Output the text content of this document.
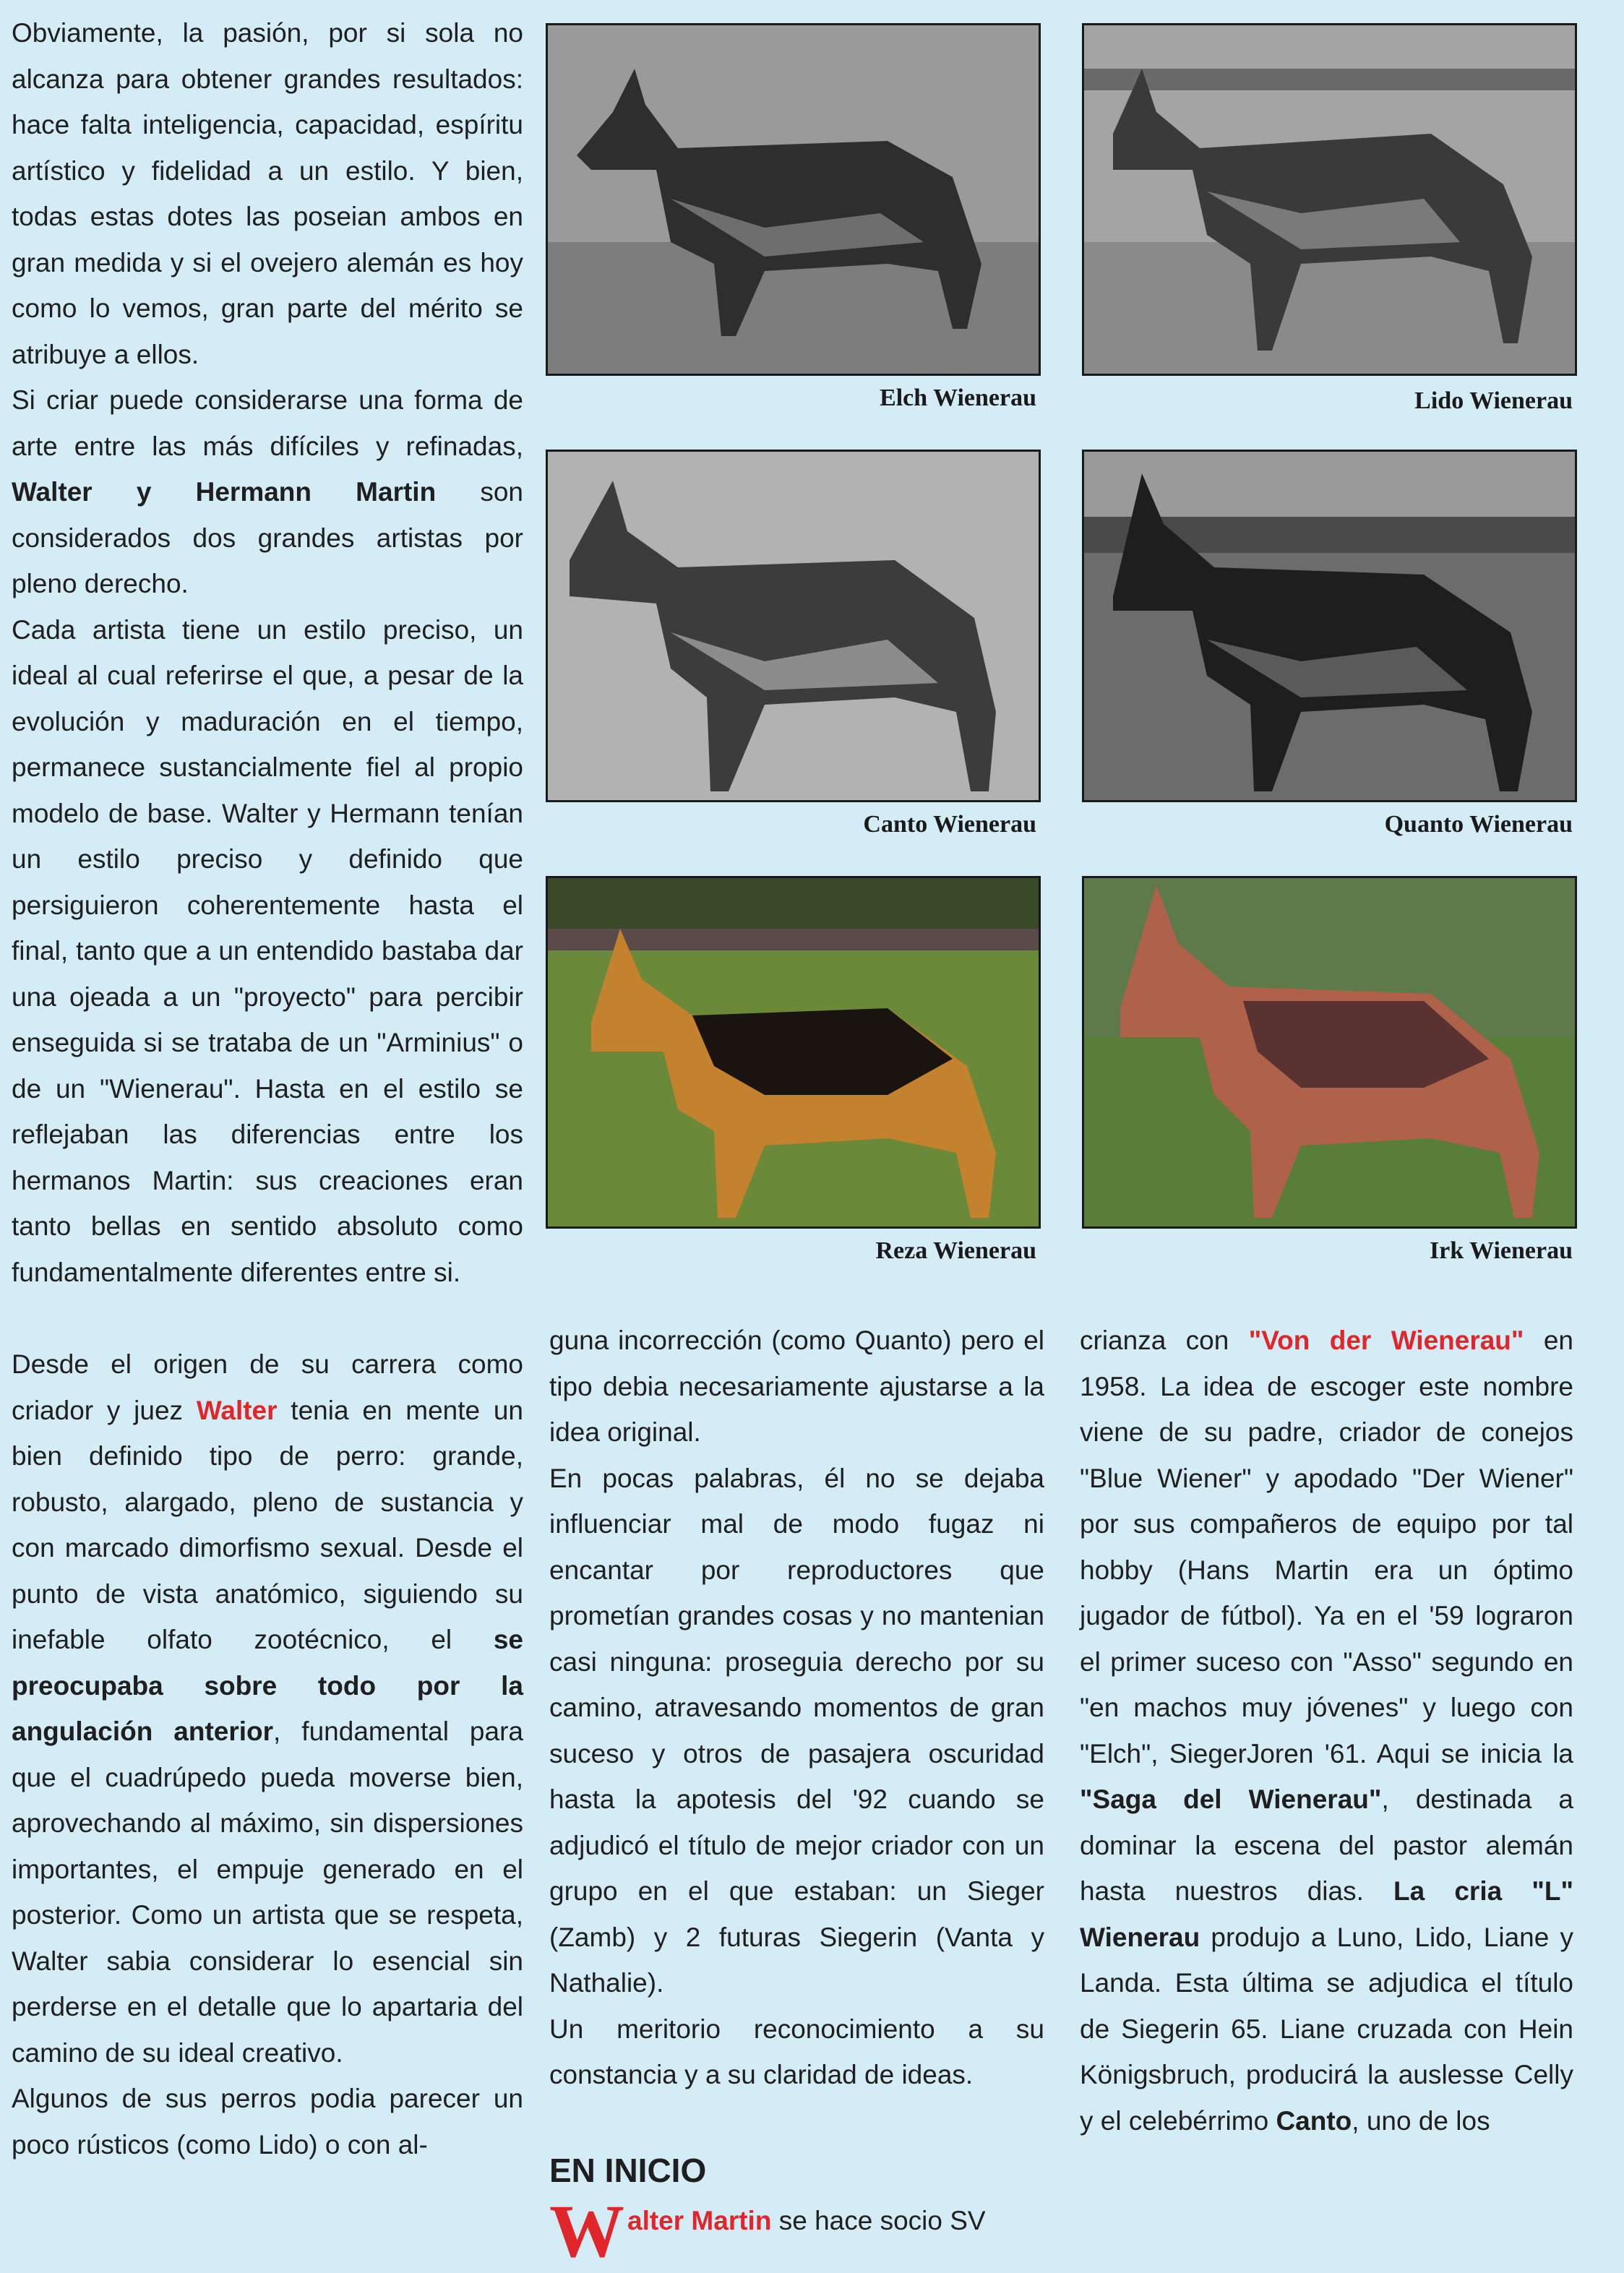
Obviamente, la pasión, por si sola no alcanza para obtener grandes resultados: hace falta inteligencia, capacidad, espíritu artístico y fidelidad a un estilo. Y bien, todas estas dotes las poseian ambos en gran medida y si el ovejero alemán es hoy como lo vemos, gran parte del mérito se atribuye a ellos.

Si criar puede considerarse una forma de arte entre las más difíciles y refinadas, Walter y Hermann Martin son considerados dos grandes artistas por pleno derecho.

Cada artista tiene un estilo preciso, un ideal al cual referirse el que, a pesar de la evolución y maduración en el tiempo, permanece sustancialmente fiel al propio modelo de base. Walter y Hermann tenían un estilo preciso y definido que persiguieron coherentemente hasta el final, tanto que a un entendido bastaba dar una ojeada a un "proyecto" para percibir enseguida si se trataba de un "Arminius" o de un "Wienerau". Hasta en el estilo se reflejaban las diferencias entre los hermanos Martin: sus creaciones eran tanto bellas en sentido absoluto como fundamentalmente diferentes entre si.

Desde el origen de su carrera como criador y juez Walter tenia en mente un bien definido tipo de perro: grande, robusto, alargado, pleno de sustancia y con marcado dimorfismo sexual. Desde el punto de vista anatómico, siguiendo su inefable olfato zootécnico, el se preocupaba sobre todo por la angulación anterior, fundamental para que el cuadrúpedo pueda moverse bien, aprovechando al máximo, sin dispersiones importantes, el empuje generado en el posterior. Como un artista que se respeta, Walter sabia considerar lo esencial sin perderse en el detalle que lo apartaria del camino de su ideal creativo.

Algunos de sus perros podia parecer un poco rústicos (como Lido) o con al-

Elch Wienerau	Lido Wienerau
Canto Wienerau	Quanto Wienerau
Reza Wienerau	Irk Wienerau

guna incorrección (como Quanto) pero el tipo debia necesariamente ajustarse a la idea original.

En pocas palabras, él no se dejaba influenciar mal de modo fugaz ni encantar por reproductores que prometían grandes cosas y no mantenian casi ninguna: proseguia derecho por su camino, atravesando momentos de gran suceso y otros de pasajera oscuridad hasta la apotesis del '92 cuando se adjudicó el título de mejor criador con un grupo en el que estaban: un Sieger (Zamb) y 2 futuras Siegerin (Vanta y Nathalie).

Un meritorio reconocimiento a su constancia y a su claridad de ideas.

EN INICIO

Walter Martin se hace socio SV

crianza con "Von der Wienerau" en 1958. La idea de escoger este nombre viene de su padre, criador de conejos "Blue Wiener" y apodado "Der Wiener" por sus compañeros de equipo por tal hobby (Hans Martin era un óptimo jugador de fútbol). Ya en el '59 lograron el primer suceso con "Asso" segundo en "en machos muy jóvenes" y luego con "Elch", SiegerJoren '61. Aqui se inicia la "Saga del Wienerau", destinada a dominar la escena del pastor alemán hasta nuestros dias. La cria "L" Wienerau produjo a Luno, Lido, Liane y Landa. Esta última se adjudica el título de Siegerin 65. Liane cruzada con Hein Königsbruch, producirá la auslesse Celly y el celebérrimo Canto, uno de los
